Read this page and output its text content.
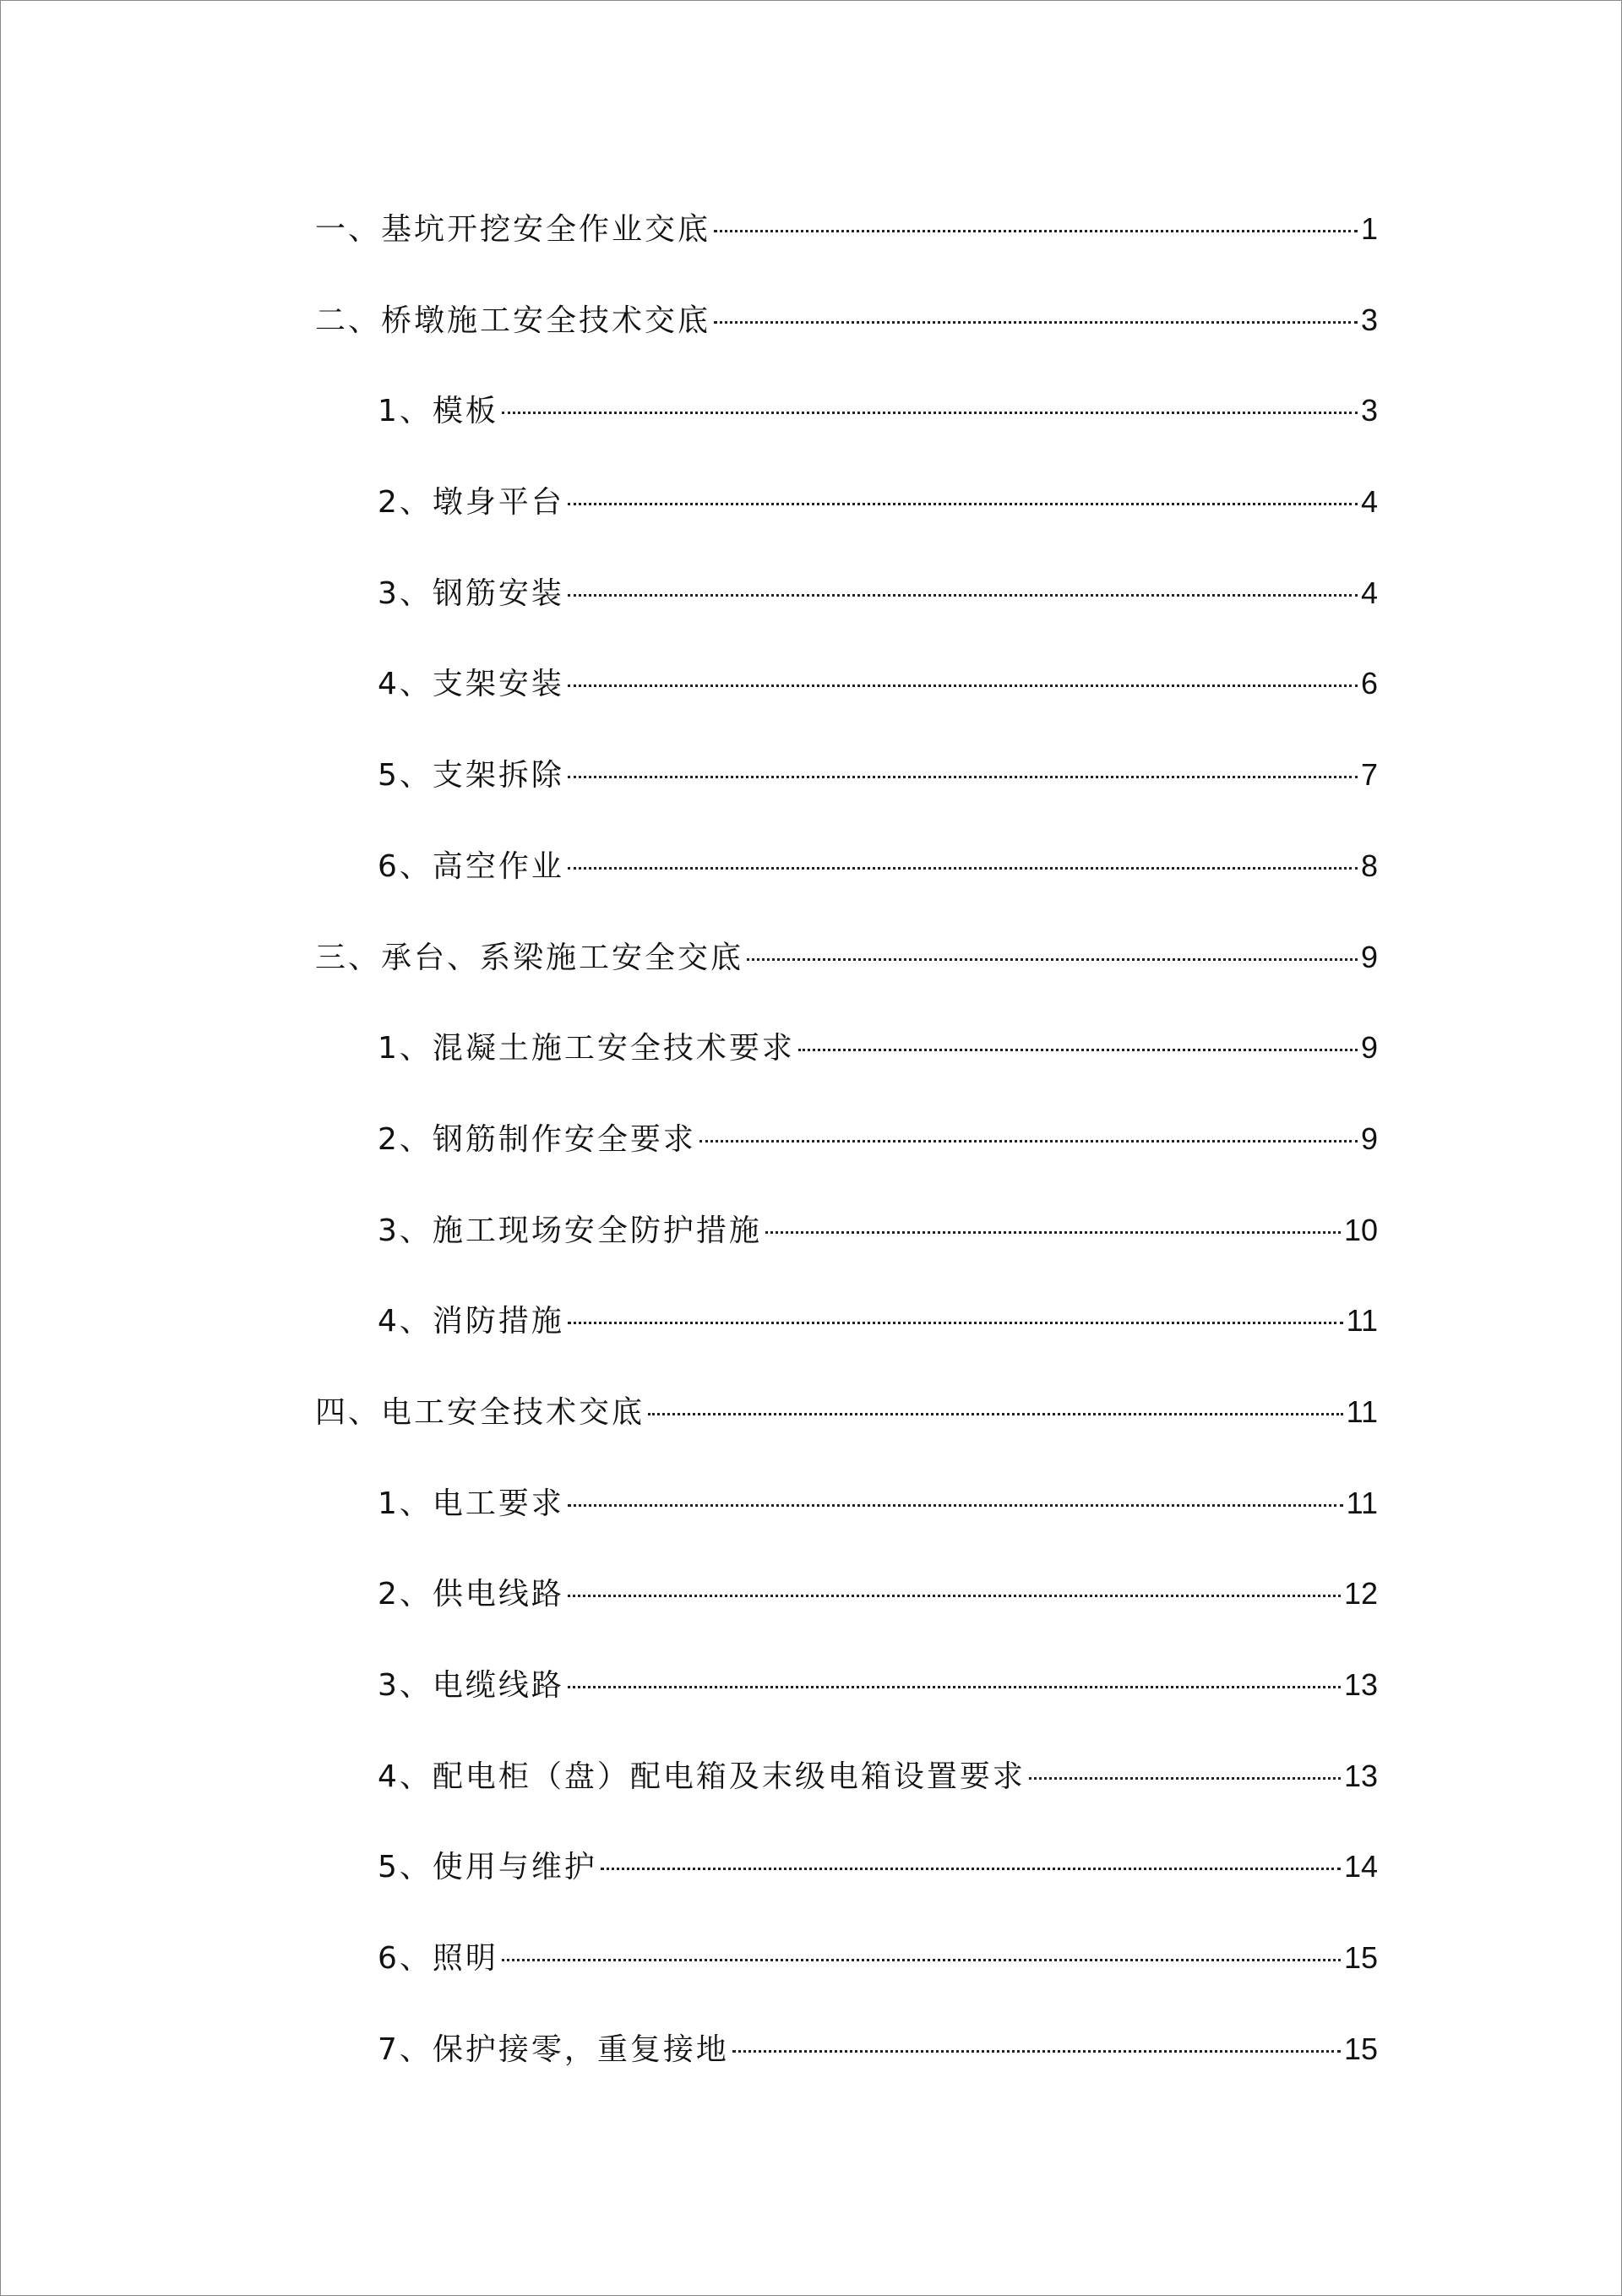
一、基坑开挖安全作业交底	1
二、桥墩施工安全技术交底	3
1、模板	3
2、墩身平台	4
3、钢筋安装	4
4、支架安装	6
5、支架拆除	7
6、高空作业	8
三、承台、系梁施工安全交底	9
1、混凝土施工安全技术要求	9
2、钢筋制作安全要求	9
3、施工现场安全防护措施	10
4、消防措施	11
四、电工安全技术交底	11
1、电工要求	11
2、供电线路	12
3、电缆线路	13
4、配电柜（盘）配电箱及末级电箱设置要求	13
5、使用与维护	14
6、照明	15
7、保护接零，重复接地	15
